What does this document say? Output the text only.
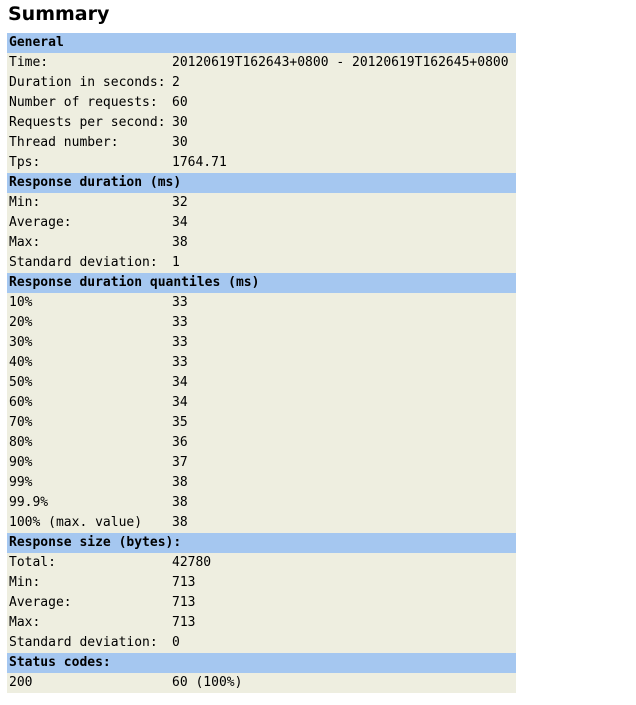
Summary
General	
Time:	20120619T162643+0800 - 20120619T162645+0800
Duration in seconds:	2
Number of requests:	60
Requests per second:	30
Thread number:	30
Tps:	1764.71
Response duration (ms)	
Min:	32
Average:	34
Max:	38
Standard deviation:	1
Response duration quantiles (ms)	
10%	33
20%	33
30%	33
40%	33
50%	34
60%	34
70%	35
80%	36
90%	37
99%	38
99.9%	38
100% (max. value)	38
Response size (bytes):	
Total:	42780
Min:	713
Average:	713
Max:	713
Standard deviation:	0
Status codes:	
200	60 (100%)
